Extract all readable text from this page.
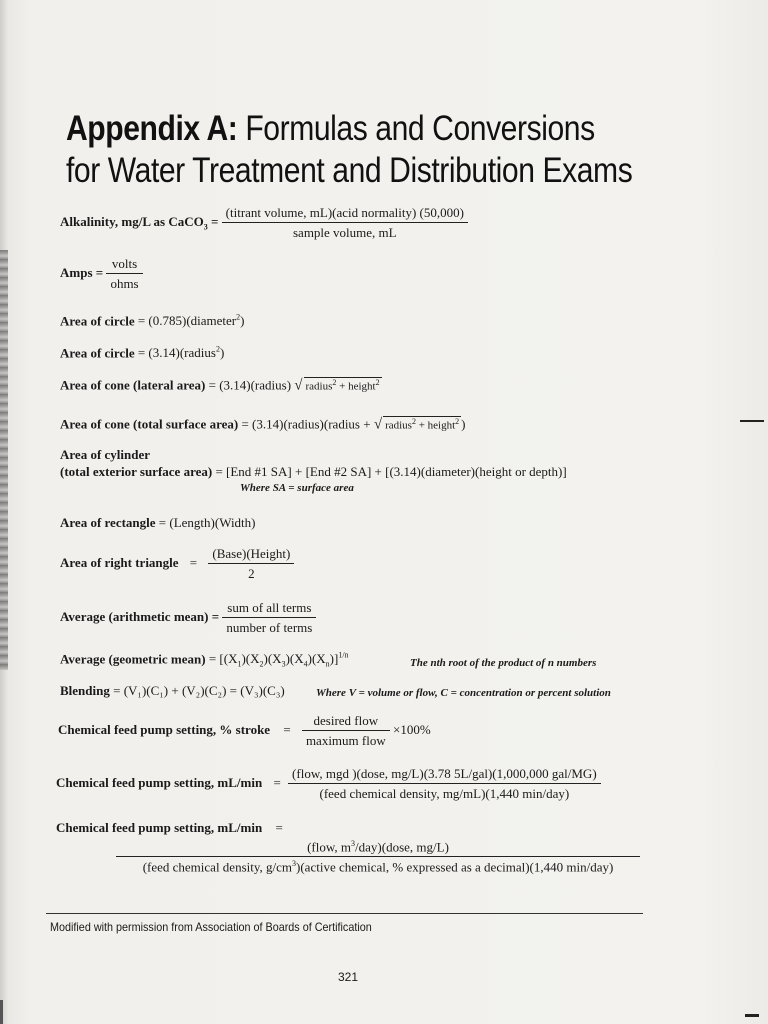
Appendix A: Formulas and Conversions
for Water Treatment and Distribution Exams
Alkalinity, mg/L as CaCO$_3$ = $\frac{\text{(titrant volume, mL)(acid normality) (50,000)}}{\text{sample volume, mL}}$
Amps = $\frac{\text{volts}}{\text{ohms}}$
Area of circle = (0.785)(diameter$^2$)
Area of circle = (3.14)(radius$^2$)
Area of cone (lateral area) = (3.14)(radius) √ radius$^2$ + height$^2$
Area of cone (total surface area) = (3.14)(radius)(radius + √ radius$^2$ + height$^2$ )
Area of cylinder
(total exterior surface area) = [End #1 SA] + [End #2 SA] + [(3.14)(diameter)(height or depth)]
Where SA = surface area
Area of rectangle = (Length)(Width)
Area of right triangle = $\frac{\text{(Base)(Height)}}{2}$
Average (arithmetic mean) = $\frac{\text{sum of all terms}}{\text{number of terms}}$
Average (geometric mean) = $[(X_1)(X_2)(X_3)(X_4)(X_n)]^{1/n}$
The nth root of the product of n numbers
Blending = (V₁)(C₁) + (V₂)(C₂) = (V₃)(C₃)	Where V = volume or flow, C = concentration or percent solution
Chemical feed pump setting, % stroke = $\frac{\text{desired flow}}{\text{maximum flow}} \times 100\%$
Chemical feed pump setting, $mL/\min = \frac{\text{(flow, mgd )(dose, mg/L)(3.78 5L/gal)(1,000,000 gal/MG)}}{\text{(feed chemical density, mg/mL)(1,440 min/day)}}$
Chemical feed pump setting, mL/min =
(flow, $m^3/day)(dose$, mg/L)
(feed chemical density, $g/cm^3)(active$ chemical, % expressed as a decimal)(1,440 min/day)
Modified with permission from Association of Boards of Certification
321
